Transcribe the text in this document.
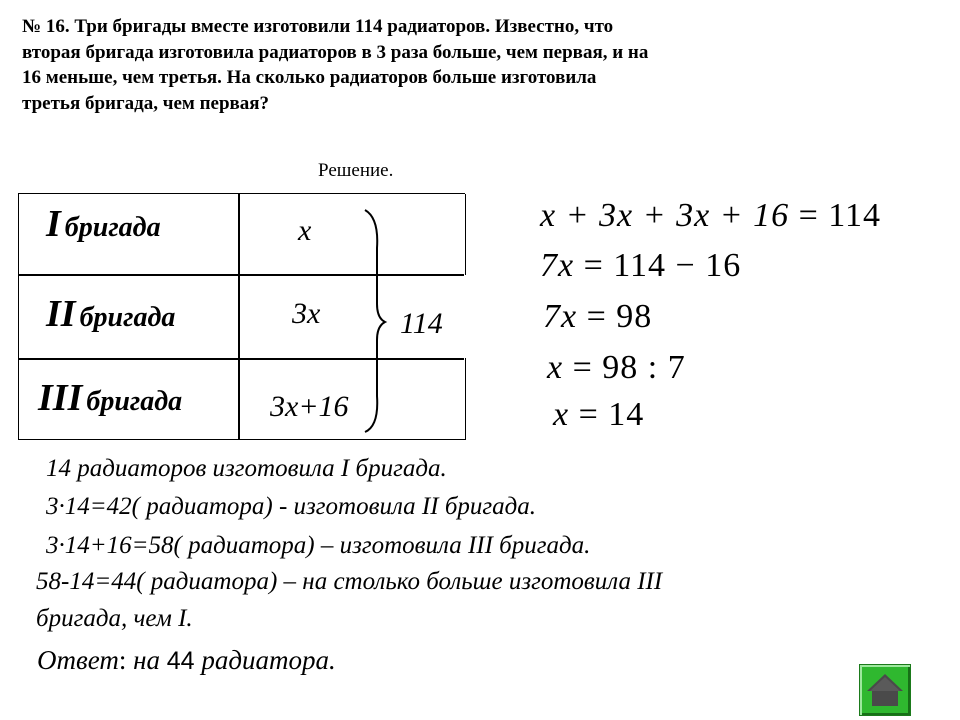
№ 16. Три бригады вместе изготовили 114 радиаторов. Известно, что
вторая бригада изготовила радиаторов в 3 раза больше, чем первая, и на
16 меньше, чем третья. На сколько радиаторов больше изготовила
третья бригада, чем первая?
Решение.
I бригада
II бригада
III бригада
x
3x
3x+16
114
x + 3x + 3x + 16 = 114
7x = 114 − 16
7x = 98
x = 98 : 7
x = 14
14 радиаторов изготовила I бригада.
3·14=42( радиатора) - изготовила II бригада.
3·14+16=58( радиатора) – изготовила III бригада.
58-14=44( радиатора) – на столько больше изготовила III
бригада, чем I.
Ответ: на 44 радиатора.
